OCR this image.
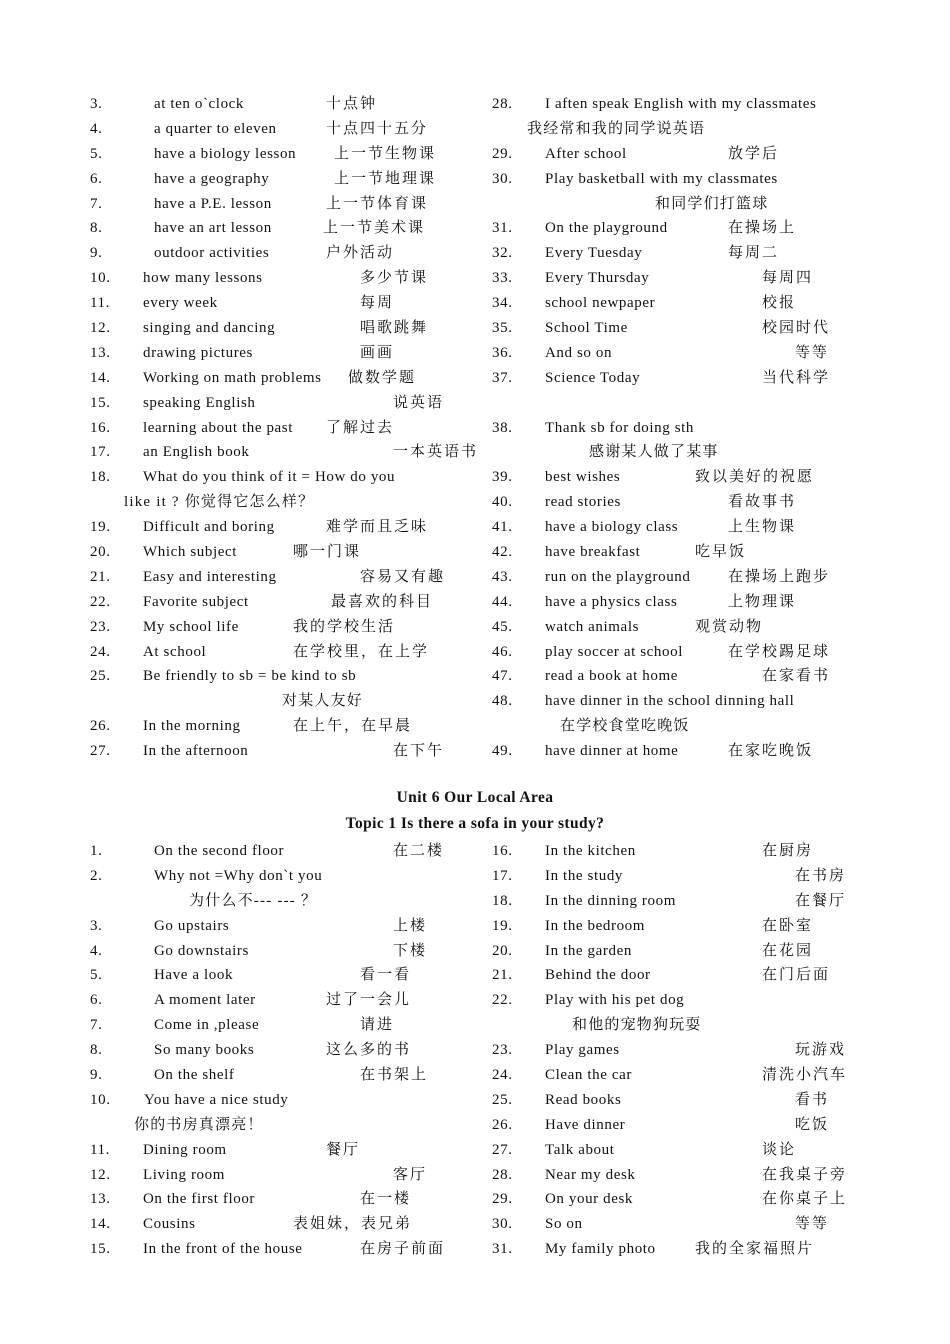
3.	at ten o`clock	十点钟
4.	a quarter to eleven	十点四十五分
5.	have a biology lesson	上一节生物课
6.	have a geography	上一节地理课
7.	have a P.E. lesson	上一节体育课
8.	have an art lesson	上一节美术课
9.	outdoor activities	户外活动
10. how many lessons	多少节课
11. every week	每周
12. singing and dancing	唱歌跳舞
13. drawing pictures	画画
14. Working on math problems 做数学题
15. speaking English	说英语
16. learning about the past 了解过去
17. an English book	一本英语书
18. What do you think of it = How do you
like it ? 你觉得它怎么样？
19. Difficult and boring	难学而且乏味
20. Which subject	哪一门课
21. Easy and interesting	容易又有趣
22. Favorite subject	最喜欢的科目
23. My school life	我的学校生活
24. At school	在学校里，在上学
25. Be friendly to sb = be kind to sb
对某人友好
26. In the morning	在上午，在早晨
27. In the afternoon	在下午
28. I aften speak English with my classmates
我经常和我的同学说英语
29. After school	放学后
30. Play basketball with my classmates
和同学们打篮球
31. On the playground	在操场上
32. Every Tuesday	每周二
33. Every Thursday	每周四
34. school newpaper	校报
35. School Time	校园时代
36. And so on	等等
37. Science Today	当代科学
38. Thank sb for doing sth
感谢某人做了某事
39. best wishes	致以美好的祝愿
40. read stories	看故事书
41. have a biology class	上生物课
42. have breakfast	吃早饭
43. run on the playground	在操场上跑步
44. have a physics class	上物理课
45. watch animals	观赏动物
46. play soccer at school	在学校踢足球
47. read a book at home	在家看书
48. have dinner in the school dinning hall
在学校食堂吃晚饭
49. have dinner at home	在家吃晚饭
Unit 6 Our Local Area
Topic 1 Is there a sofa in your study?
1.	On the second floor	在二楼
2.	Why not =Why don`t you
为什么不--- --- ？
3.	Go upstairs	上楼
4.	Go downstairs	下楼
5.	Have a look	看一看
6.	A moment later	过了一会儿
7.	Come in ,please	请进
8.	So many books	这么多的书
9.	On the shelf	在书架上
10. You have a nice study
你的书房真漂亮！
11. Dining room	餐厅
12. Living room	客厅
13. On the first floor	在一楼
14. Cousins	表姐妹，表兄弟
15. In the front of the house	在房子前面
16. In the kitchen	在厨房
17. In the study	在书房
18. In the dinning room	在餐厅
19. In the bedroom	在卧室
20. In the garden	在花园
21. Behind the door	在门后面
22. Play with his pet dog
和他的宠物狗玩耍
23. Play games	玩游戏
24. Clean the car	清洗小汽车
25. Read books	看书
26. Have dinner	吃饭
27. Talk about	谈论
28. Near my desk	在我桌子旁
29. On your desk	在你桌子上
30. So on	等等
31. My family photo	我的全家福照片
